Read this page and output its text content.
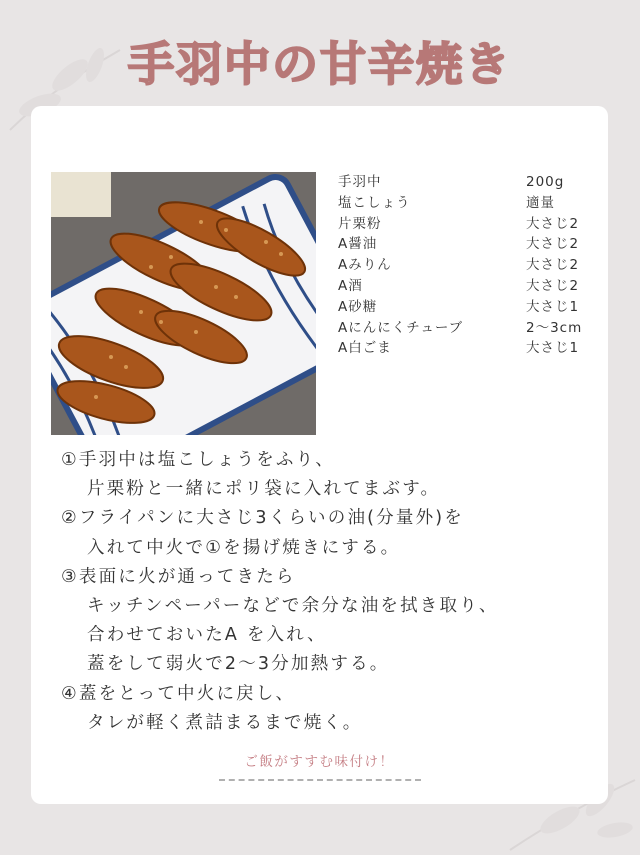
手羽中の甘辛焼き
手羽中	200g
塩こしょう	適量
片栗粉	大さじ2
A醤油	大さじ2
Aみりん	大さじ2
A酒	大さじ2
A砂糖	大さじ1
Aにんにくチューブ	2～3cm
A白ごま	大さじ1
①手羽中は塩こしょうをふり、
片栗粉と一緒にポリ袋に入れてまぶす。
②フライパンに大さじ3くらいの油(分量外)を
入れて中火で①を揚げ焼きにする。
③表面に火が通ってきたら
キッチンペーパーなどで余分な油を拭き取り、
合わせておいたA を入れ、
蓋をして弱火で2～3分加熱する。
④蓋をとって中火に戻し、
タレが軽く煮詰まるまで焼く。
ご飯がすすむ味付け！
